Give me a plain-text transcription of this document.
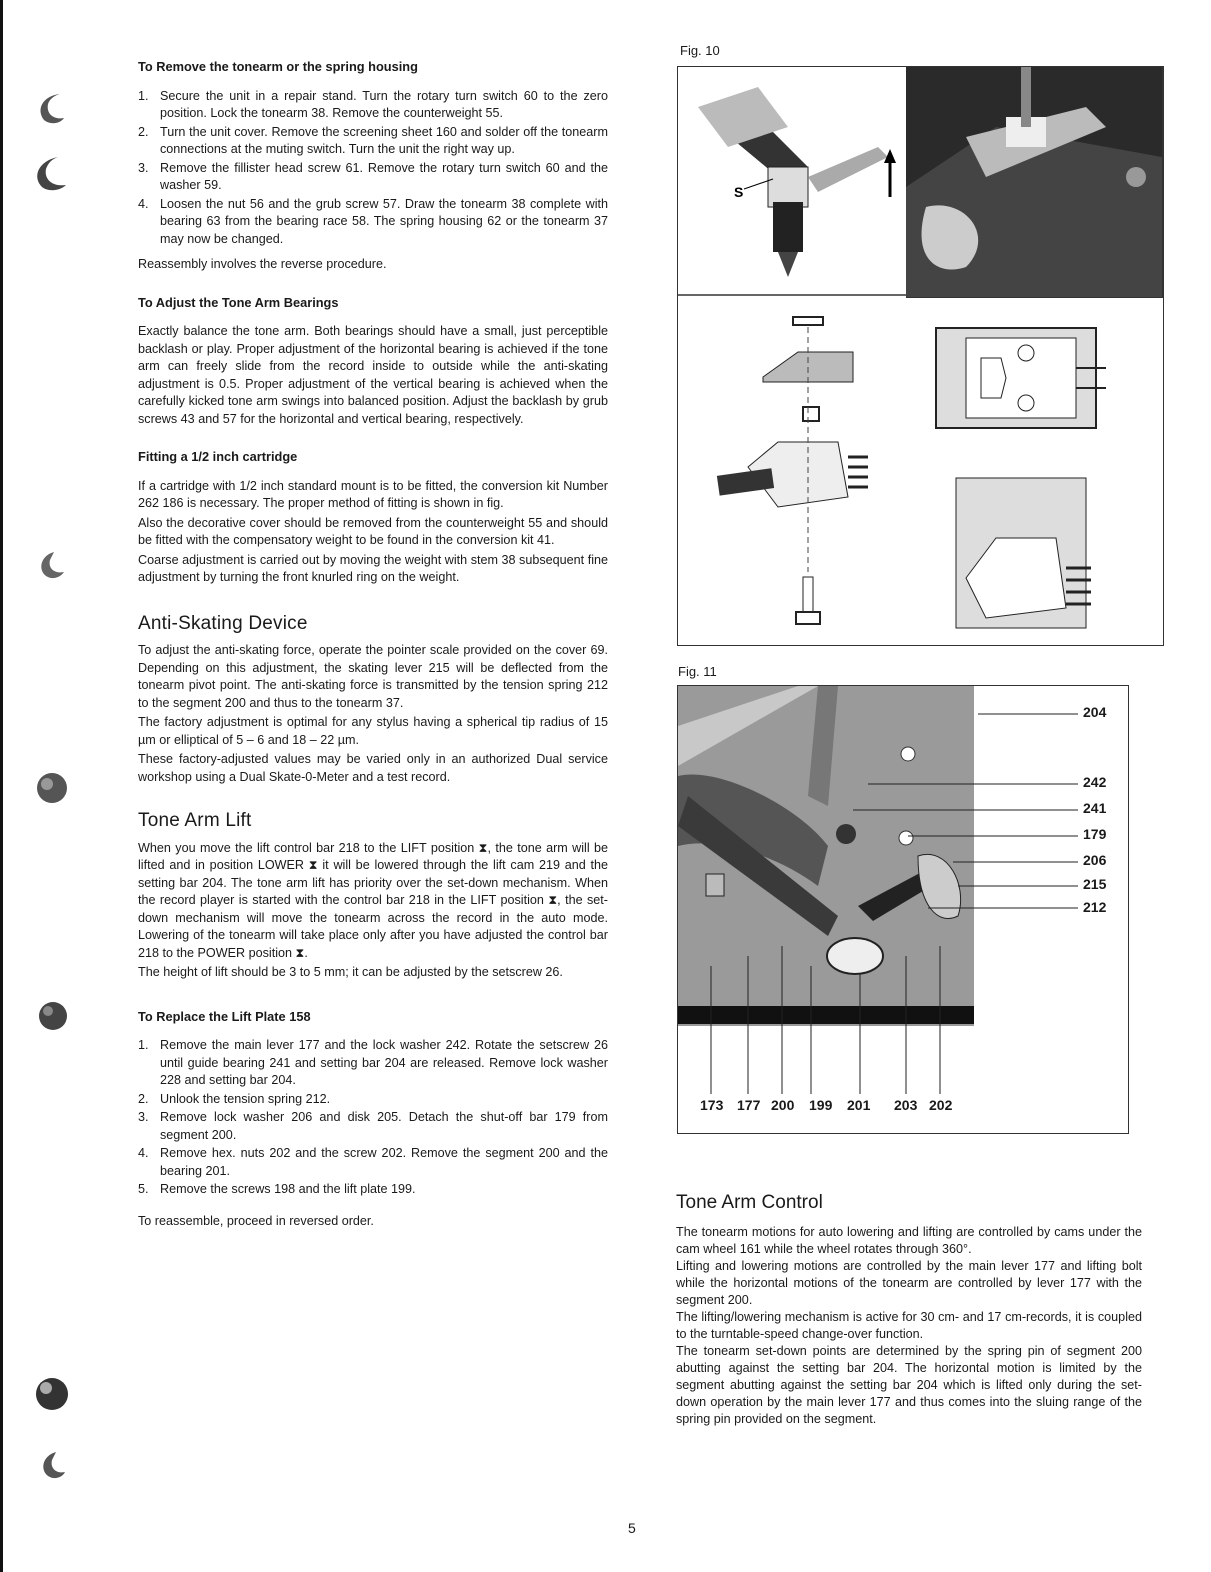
To Remove the tonearm or the spring housing
1. Secure the unit in a repair stand. Turn the rotary turn switch 60 to the zero position. Lock the tonearm 38. Remove the counterweight 55.
2. Turn the unit cover. Remove the screening sheet 160 and solder off the tonearm connections at the muting switch. Turn the unit the right way up.
3. Remove the fillister head screw 61. Remove the rotary turn switch 60 and the washer 59.
4. Loosen the nut 56 and the grub screw 57. Draw the tonearm 38 complete with bearing 63 from the bearing race 58. The spring housing 62 or the tonearm 37 may now be changed.
Reassembly involves the reverse procedure.
To Adjust the Tone Arm Bearings
Exactly balance the tone arm. Both bearings should have a small, just perceptible backlash or play. Proper adjustment of the horizontal bearing is achieved if the tone arm can freely slide from the record inside to outside while the anti-skating adjustment is 0.5. Proper adjustment of the vertical bearing is achieved when the carefully kicked tone arm swings into balanced position. Adjust the backlash by grub screws 43 and 57 for the horizontal and vertical bearing, respectively.
Fitting a 1/2 inch cartridge
If a cartridge with 1/2 inch standard mount is to be fitted, the conversion kit Number 262 186 is necessary. The proper method of fitting is shown in fig.
Also the decorative cover should be removed from the counterweight 55 and should be fitted with the compensatory weight to be found in the conversion kit 41.
Coarse adjustment is carried out by moving the weight with stem 38 subsequent fine adjustment by turning the front knurled ring on the weight.
Anti-Skating Device
To adjust the anti-skating force, operate the pointer scale provided on the cover 69. Depending on this adjustment, the skating lever 215 will be deflected from the tonearm pivot point. The anti-skating force is transmitted by the tension spring 212 to the segment 200 and thus to the tonearm 37.
The factory adjustment is optimal for any stylus having a spherical tip radius of 15 µm or elliptical of 5 – 6 and 18 – 22 µm.
These factory-adjusted values may be varied only in an authorized Dual service workshop using a Dual Skate-0-Meter and a test record.
Tone Arm Lift
When you move the lift control bar 218 to the LIFT position ⧗, the tone arm will be lifted and in position LOWER ⧗ it will be lowered through the lift cam 219 and the setting bar 204. The tone arm lift has priority over the set-down mechanism. When the record player is started with the control bar 218 in the LIFT position ⧗, the set-down mechanism will move the tonearm across the record in the auto mode. Lowering of the tonearm will take place only after you have adjusted the control bar 218 to the POWER position ⧗.
The height of lift should be 3 to 5 mm; it can be adjusted by the setscrew 26.
To Replace the Lift Plate 158
1. Remove the main lever 177 and the lock washer 242. Rotate the setscrew 26 until guide bearing 241 and setting bar 204 are released. Remove lock washer 228 and setting bar 204.
2. Unlook the tension spring 212.
3. Remove lock washer 206 and disk 205. Detach the shut-off bar 179 from segment 200.
4. Remove hex. nuts 202 and the screw 202. Remove the segment 200 and the bearing 201.
5. Remove the screws 198 and the lift plate 199.
To reassemble, proceed in reversed order.
Fig. 10
S
Fig. 11
204
242
241
179
206
215
212
173 177 200 199 201 203 202
Tone Arm Control
The tonearm motions for auto lowering and lifting are controlled by cams under the cam wheel 161 while the wheel rotates through 360°.
Lifting and lowering motions are controlled by the main lever 177 and lifting bolt while the horizontal motions of the tonearm are controlled by lever 177 with the segment 200.
The lifting/lowering mechanism is active for 30 cm- and 17 cm-records, it is coupled to the turntable-speed change-over function.
The tonearm set-down points are determined by the spring pin of segment 200 abutting against the setting bar 204. The horizontal motion is limited by the segment abutting against the setting bar 204 which is lifted only during the set-down operation by the main lever 177 and thus comes into the sluing range of the spring pin provided on the segment.
5
